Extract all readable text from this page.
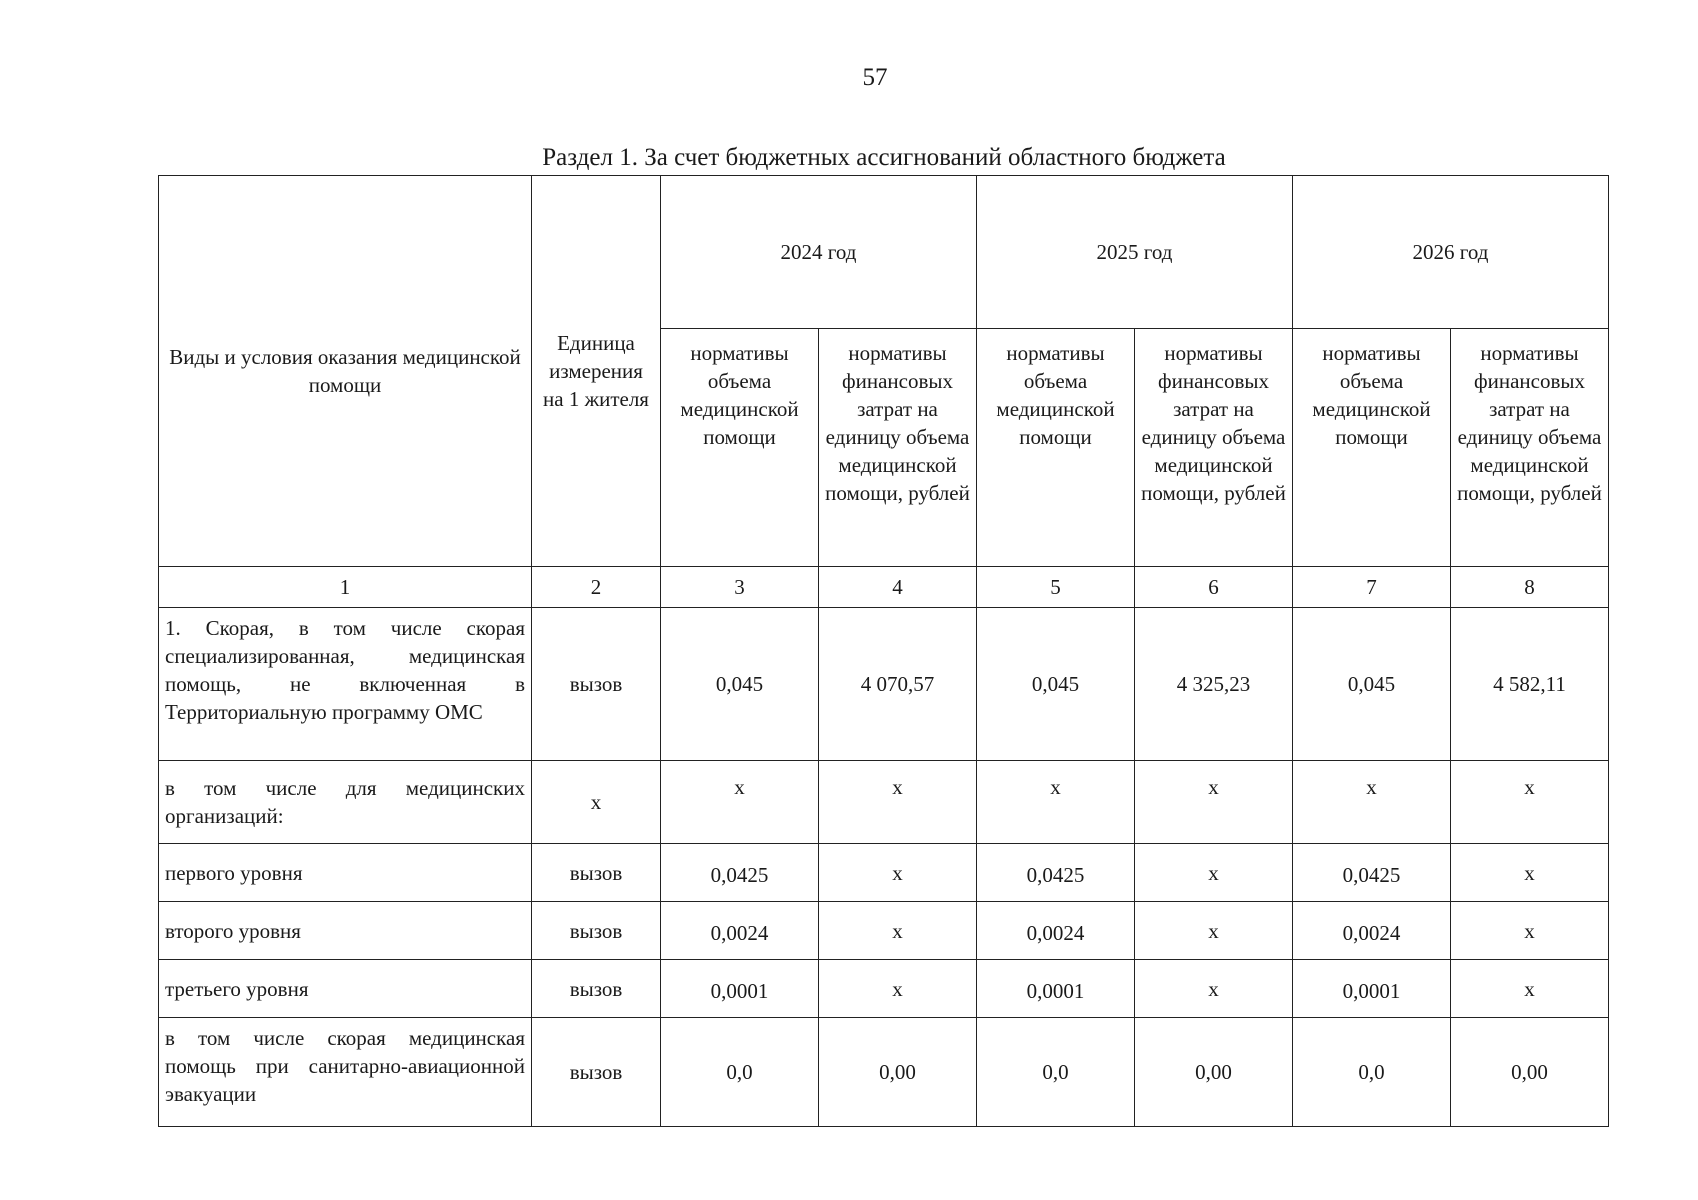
57
Раздел 1. За счет бюджетных ассигнований областного бюджета
Виды и условия оказания медицинской помощи	Единица измерения на 1 жителя	2024 год		2025 год		2026 год	
		нормативы объема медицинской помощи	нормативы финансовых затрат на единицу объема медицинской помощи, рублей	нормативы объема медицинской помощи	нормативы финансовых затрат на единицу объема медицинской помощи, рублей	нормативы объема медицинской помощи	нормативы финансовых затрат на единицу объема медицинской помощи, рублей
1	2	3	4	5	6	7	8
1. Скорая, в том числе скорая специализированная, медицинская помощь, не включенная в Территориальную программу ОМС	вызов	0,045	4 070,57	0,045	4 325,23	0,045	4 582,11
в том числе для медицинских организаций:	х	х	х	х	х	х	х
первого уровня	вызов	0,0425	х	0,0425	х	0,0425	х
второго уровня	вызов	0,0024	х	0,0024	х	0,0024	х
третьего уровня	вызов	0,0001	х	0,0001	х	0,0001	х
в том числе скорая медицинская помощь при санитарно-авиационной эвакуации	вызов	0,0	0,00	0,0	0,00	0,0	0,00
